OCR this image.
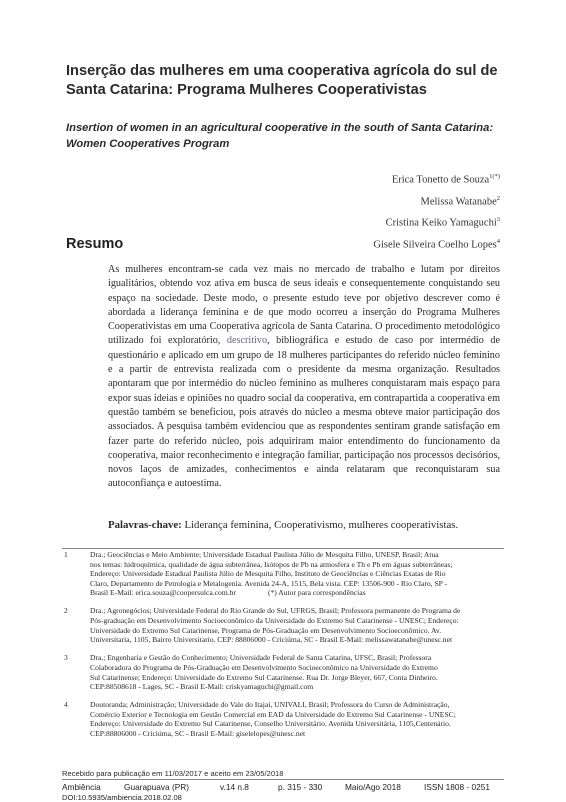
Inserção das mulheres em uma cooperativa agrícola do sul de Santa Catarina: Programa Mulheres Cooperativistas
Insertion of women in an agricultural cooperative in the south of Santa Catarina: Women Cooperatives Program
Erica Tonetto de Souza$^{1(*)}$
Melissa Watanabe$^2$
Cristina Keiko Yamaguchi$^3$
Gisele Silveira Coelho Lopes$^4$
Resumo

As mulheres encontram-se cada vez mais no mercado de trabalho e lutam por direitos igualitários, obtendo voz ativa em busca de seus ideais e consequentemente conquistando seu espaço na sociedade. Deste modo, o presente estudo teve por objetivo descrever como é abordada a liderança feminina e de que modo ocorreu a inserção do Programa Mulheres Cooperativistas em uma Cooperativa agrícola de Santa Catarina. O procedimento metodológico utilizado foi exploratório, descritivo, bibliográfica e estudo de caso por intermédio de questionário e aplicado em um grupo de 18 mulheres participantes do referido núcleo feminino e a partir de entrevista realizada com o presidente da mesma organização. Resultados apontaram que por intermédio do núcleo feminino as mulheres conquistaram mais espaço para expor suas ideias e opiniões no quadro social da cooperativa, em contrapartida a cooperativa em questão também se beneficiou, pois através do núcleo a mesma obteve maior participação dos associados. A pesquisa também evidenciou que as respondentes sentiram grande satisfação em fazer parte do referido núcleo, pois adquiriram maior entendimento do funcionamento da cooperativa, maior reconhecimento e integração familiar, participação nos processos decisórios, novos laços de amizades, conhecimentos e ainda relataram que reconquistaram sua autoconfiança e autoestima.

Palavras-chave: Liderança feminina, Cooperativismo, mulheres cooperativistas.

1	Dra.; Geociências e Meio Ambiente; Universidade Estadual Paulista Júlio de Mesquita Filho, UNESP, Brasil; Atua
nos temas: hidroquímica, qualidade de água subterrânea, Isótopos de Pb na atmosfera e Th e Pb em águas subterrâneas;
Endereço: Universidade Estadual Paulista Júlio de Mesquita Filho, Instituto de Geociências e Ciências Exatas de Rio
Claro, Departamento de Petrologia e Metalogenia. Avenida 24-A, 1515, Bela vista. CEP: 13506-900 - Rio Claro, SP -
Brasil E-Mail: erica.souza@coopersulca.com.br	(*) Autor para correspondências
2	Dra.; Agronegócios; Universidade Federal do Rio Grande do Sul, UFRGS, Brasil; Professora permanente do Programa de
Pós-graduação em Desenvolvimento Socioeconômico da Universidade do Extremo Sul Catarinense - UNESC; Endereço:
Universidade do Extremo Sul Catarinense, Programa de Pós-Graduação em Desenvolvimento Socioeconômico. Av.
Universitaria, 1105, Bairro Universitario. CEP: 88806000 - Criciúma, SC - Brasil E-Mail: melissawatanabe@unesc.net
3	Dra.; Engenharia e Gestão do Conhecimento; Universidade Federal de Santa Catarina, UFSC, Brasil; Professora
Colaboradora do Programa de Pós-Graduação em Desenvolvimento Socioeconômico na Universidade do Extremo
Sul Catarinense; Endereço: Universidade do Extremo Sul Catarinense. Rua Dr. Jorge Bleyer, 667, Conta Dinheiro.
CEP:88508618 - Lages, SC - Brasil E-Mail: criskyamaguchi@gmail.com
4	Doutoranda; Administração; Universidade do Vale do Itajaí, UNIVALI, Brasil; Professora do Curso de Administração,
Comércio Exterior e Tecnologia em Gestão Comercial em EAD da Universidade do Extremo Sul Catarinense - UNESC;
Endereço: Universidade do Extremo Sul Catarinense, Conselho Universitário. Avenida Universitária, 1105,Centenário.
CEP:88806000 - Criciúma, SC - Brasil E-Mail: giselelopes@unesc.net
Recebido para publicação em 11/03/2017 e aceito em 23/05/2018
Ambiência	Guarapuava (PR)	v.14 n.8	p. 315 - 330	Maio/Ago 2018	ISSN 1808 - 0251
DOI:10.5935/ambiencia.2018.02.08
